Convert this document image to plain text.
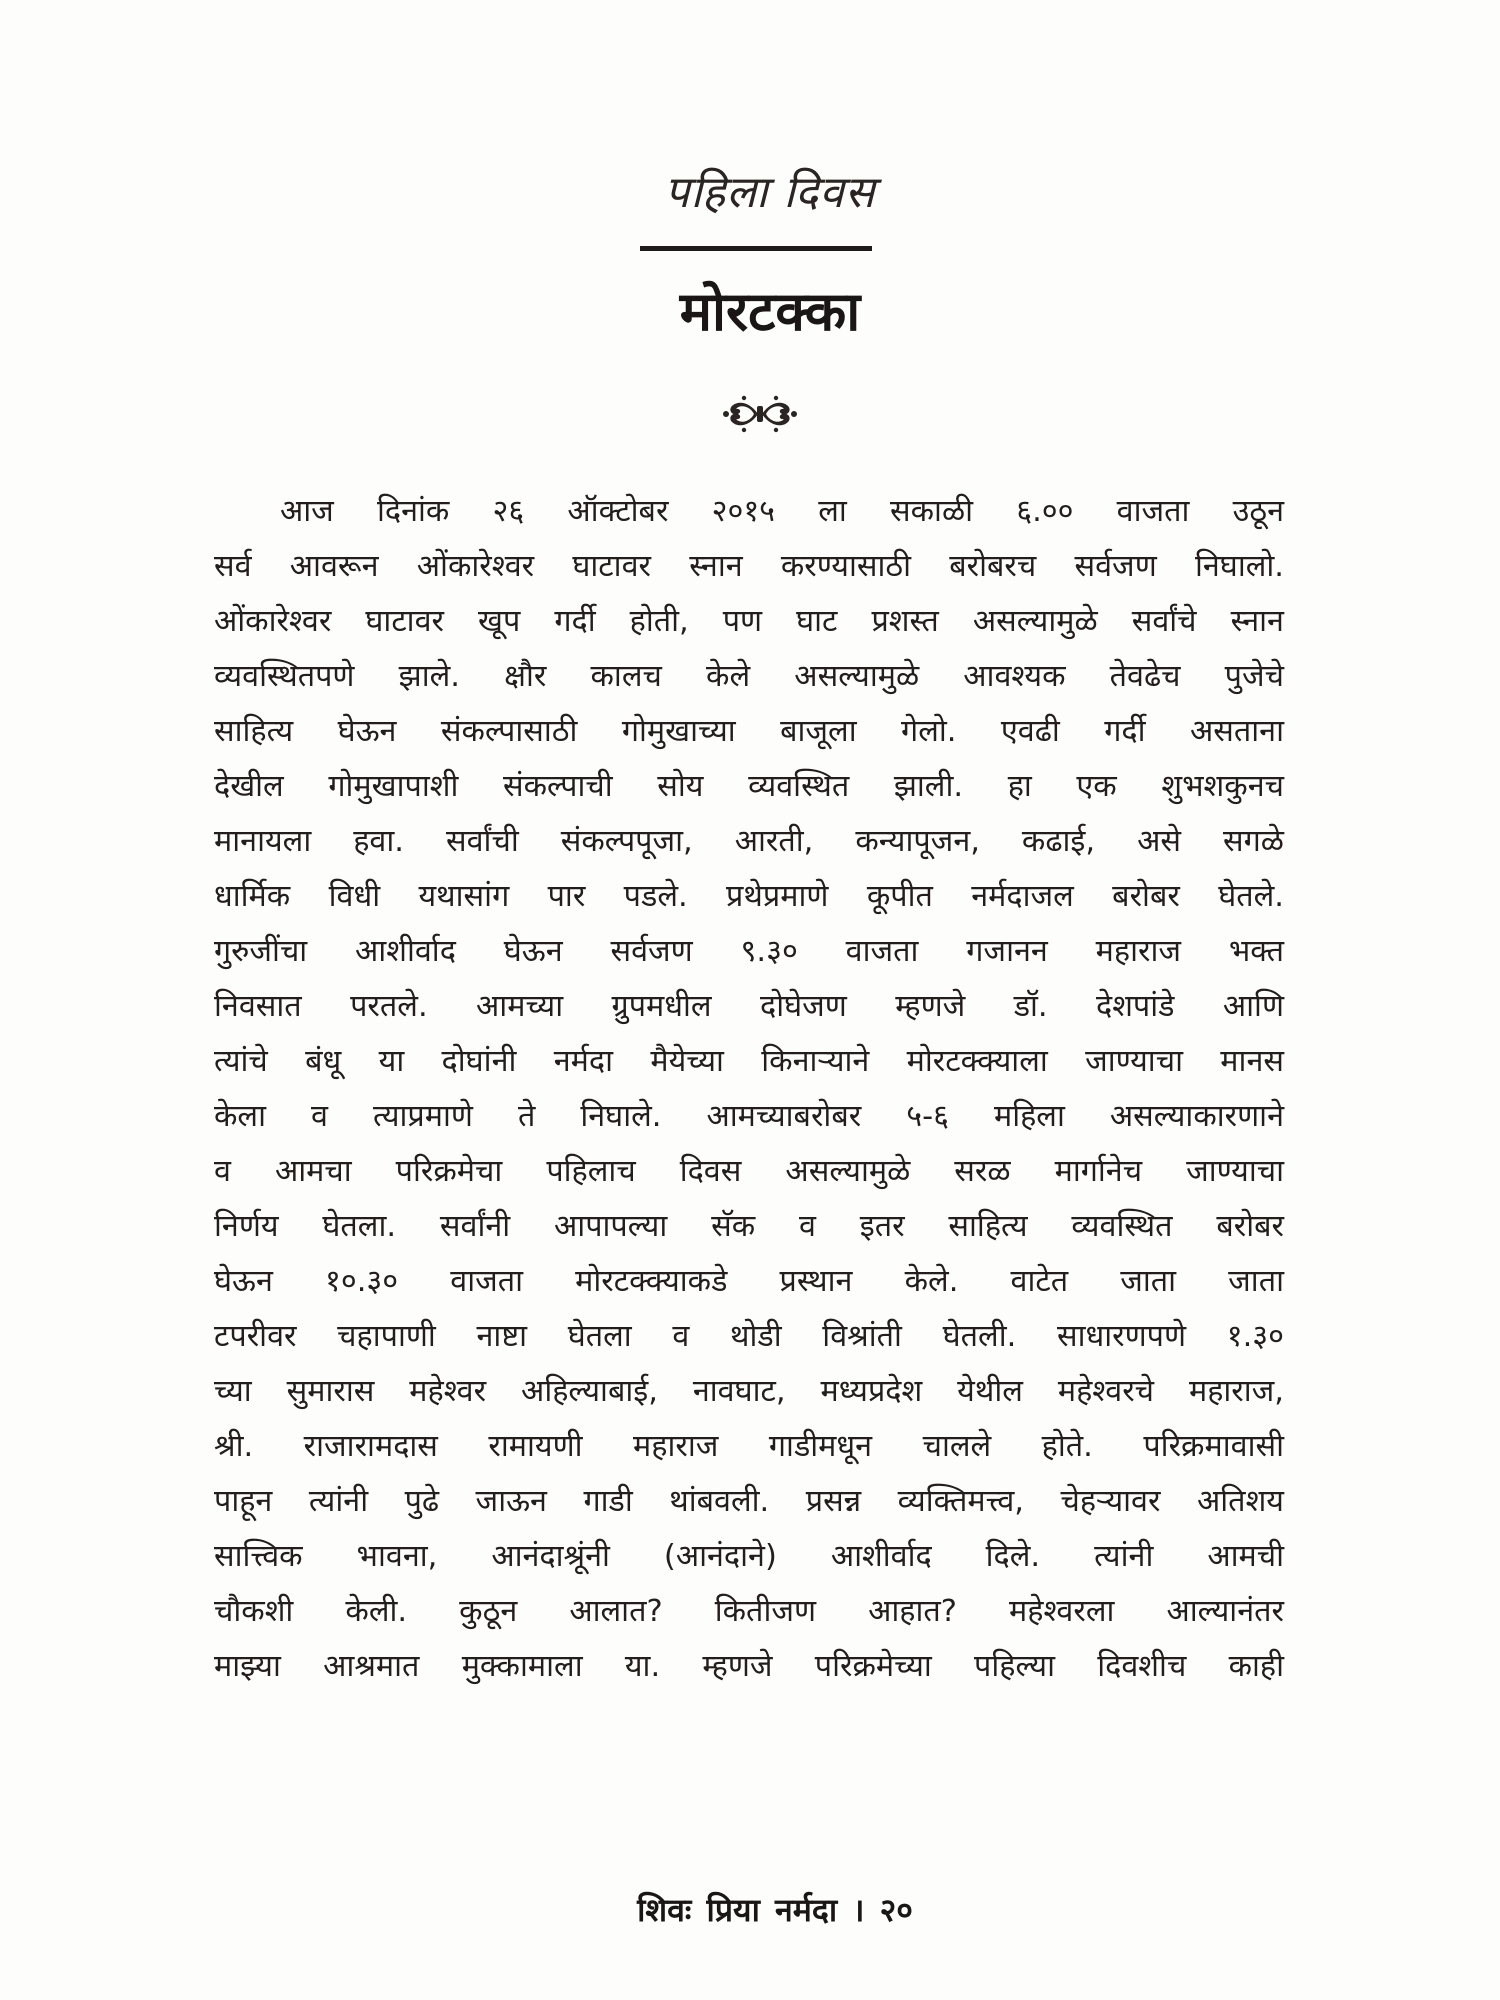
पहिला दिवस
मोरटक्का
आज दिनांक २६ ऑक्टोबर २०१५ ला सकाळी ६.०० वाजता उठून
सर्व आवरून ओंकारेश्वर घाटावर स्नान करण्यासाठी बरोबरच सर्वजण निघालो.
ओंकारेश्वर घाटावर खूप गर्दी होती, पण घाट प्रशस्त असल्यामुळे सर्वांचे स्नान
व्यवस्थितपणे झाले. क्षौर कालच केले असल्यामुळे आवश्यक तेवढेच पुजेचे
साहित्य घेऊन संकल्पासाठी गोमुखाच्या बाजूला गेलो. एवढी गर्दी असताना
देखील गोमुखापाशी संकल्पाची सोय व्यवस्थित झाली. हा एक शुभशकुनच
मानायला हवा. सर्वांची संकल्पपूजा, आरती, कन्यापूजन, कढाई, असे सगळे
धार्मिक विधी यथासांग पार पडले. प्रथेप्रमाणे कूपीत नर्मदाजल बरोबर घेतले.
गुरुजींचा आशीर्वाद घेऊन सर्वजण ९.३० वाजता गजानन महाराज भक्त
निवसात परतले. आमच्या ग्रुपमधील दोघेजण म्हणजे डॉ. देशपांडे आणि
त्यांचे बंधू या दोघांनी नर्मदा मैयेच्या किनाऱ्याने मोरटक्क्याला जाण्याचा मानस
केला व त्याप्रमाणे ते निघाले. आमच्याबरोबर ५-६ महिला असल्याकारणाने
व आमचा परिक्रमेचा पहिलाच दिवस असल्यामुळे सरळ मार्गानेच जाण्याचा
निर्णय घेतला. सर्वांनी आपापल्या सॅक व इतर साहित्य व्यवस्थित बरोबर
घेऊन १०.३० वाजता मोरटक्क्याकडे प्रस्थान केले. वाटेत जाता जाता
टपरीवर चहापाणी नाष्टा घेतला व थोडी विश्रांती घेतली. साधारणपणे १.३०
च्या सुमारास महेश्वर अहिल्याबाई, नावघाट, मध्यप्रदेश येथील महेश्वरचे महाराज,
श्री. राजारामदास रामायणी महाराज गाडीमधून चालले होते. परिक्रमावासी
पाहून त्यांनी पुढे जाऊन गाडी थांबवली. प्रसन्न व्यक्तिमत्त्व, चेहऱ्यावर अतिशय
सात्त्विक भावना, आनंदाश्रूंनी (आनंदाने) आशीर्वाद दिले. त्यांनी आमची
चौकशी केली. कुठून आलात? कितीजण आहात? महेश्वरला आल्यानंतर
माझ्या आश्रमात मुक्कामाला या. म्हणजे परिक्रमेच्या पहिल्या दिवशीच काही
शिवः प्रिया नर्मदा । २०
